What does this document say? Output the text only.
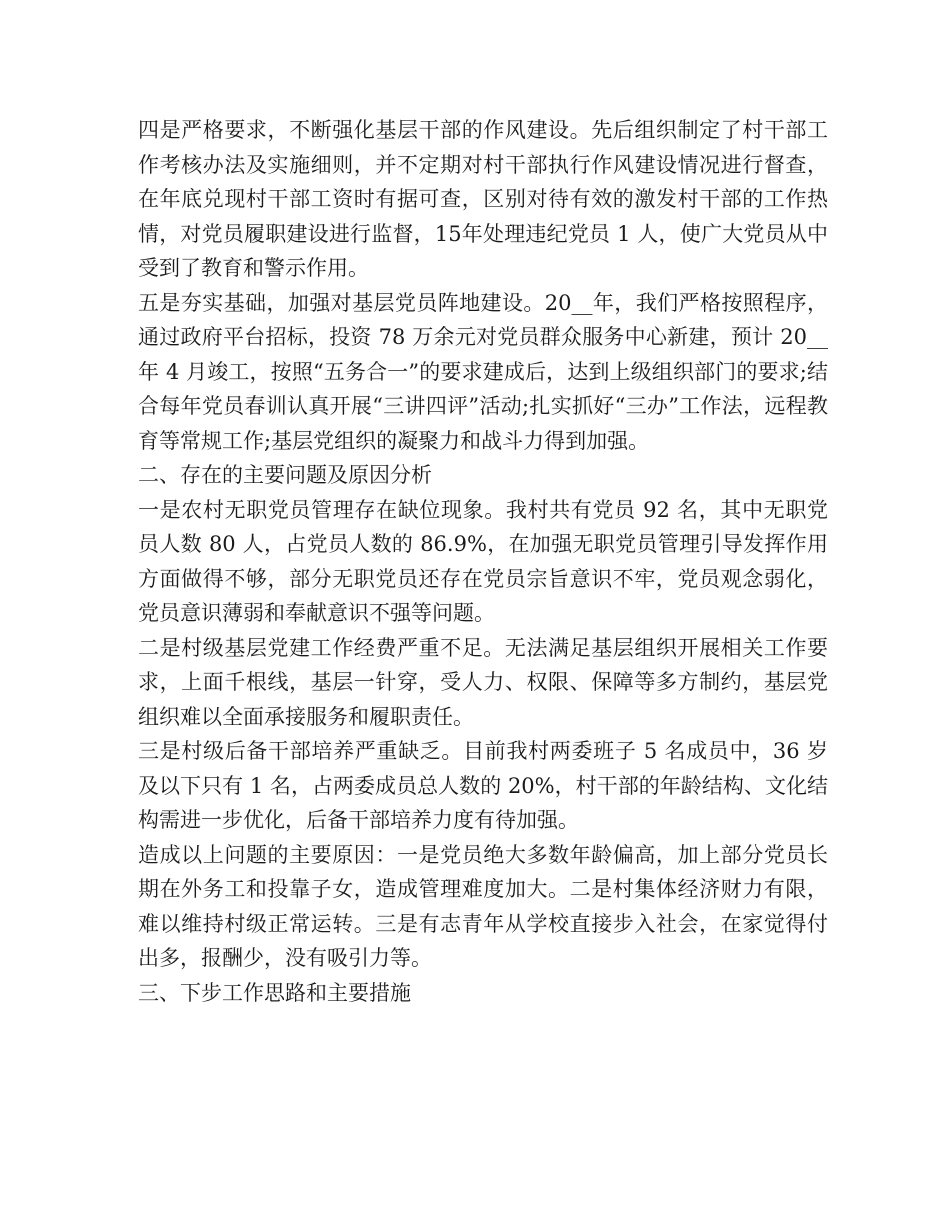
四是严格要求，不断强化基层干部的作风建设。先后组织制定了村干部工作考核办法及实施细则，并不定期对村干部执行作风建设情况进行督查，在年底兑现村干部工资时有据可查，区别对待有效的激发村干部的工作热情，对党员履职建设进行监督，15年处理违纪党员 1 人，使广大党员从中受到了教育和警示作用。

五是夯实基础，加强对基层党员阵地建设。20__年，我们严格按照程序，通过政府平台招标，投资 78 万余元对党员群众服务中心新建，预计 20__年 4 月竣工，按照“五务合一”的要求建成后，达到上级组织部门的要求;结合每年党员春训认真开展“三讲四评”活动;扎实抓好“三办”工作法，远程教育等常规工作;基层党组织的凝聚力和战斗力得到加强。

二、存在的主要问题及原因分析

一是农村无职党员管理存在缺位现象。我村共有党员 92 名，其中无职党员人数 80 人，占党员人数的 86.9%，在加强无职党员管理引导发挥作用方面做得不够，部分无职党员还存在党员宗旨意识不牢，党员观念弱化，党员意识薄弱和奉献意识不强等问题。

二是村级基层党建工作经费严重不足。无法满足基层组织开展相关工作要求，上面千根线，基层一针穿，受人力、权限、保障等多方制约，基层党组织难以全面承接服务和履职责任。

三是村级后备干部培养严重缺乏。目前我村两委班子 5 名成员中，36 岁及以下只有 1 名，占两委成员总人数的 20%，村干部的年龄结构、文化结构需进一步优化，后备干部培养力度有待加强。

造成以上问题的主要原因：一是党员绝大多数年龄偏高，加上部分党员长期在外务工和投靠子女，造成管理难度加大。二是村集体经济财力有限，难以维持村级正常运转。三是有志青年从学校直接步入社会，在家觉得付出多，报酬少，没有吸引力等。

三、下步工作思路和主要措施
